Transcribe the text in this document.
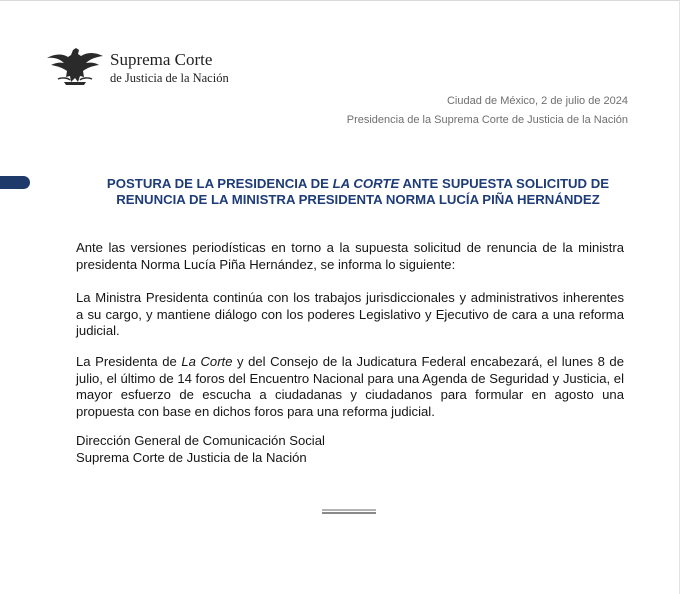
Suprema Corte
de Justicia de la Nación
Ciudad de México, 2 de julio de 2024
Presidencia de la Suprema Corte de Justicia de la Nación
POSTURA DE LA PRESIDENCIA DE LA CORTE ANTE SUPUESTA SOLICITUD DE
RENUNCIA DE LA MINISTRA PRESIDENTA NORMA LUCÍA PIÑA HERNÁNDEZ
Ante las versiones periodísticas en torno a la supuesta solicitud de renuncia de la ministra presidenta Norma Lucía Piña Hernández, se informa lo siguiente:
La Ministra Presidenta continúa con los trabajos jurisdiccionales y administrativos inherentes a su cargo, y mantiene diálogo con los poderes Legislativo y Ejecutivo de cara a una reforma judicial.
La Presidenta de La Corte y del Consejo de la Judicatura Federal encabezará, el lunes 8 de julio, el último de 14 foros del Encuentro Nacional para una Agenda de Seguridad y Justicia, el mayor esfuerzo de escucha a ciudadanas y ciudadanos para formular en agosto una propuesta con base en dichos foros para una reforma judicial.
Dirección General de Comunicación Social
Suprema Corte de Justicia de la Nación
